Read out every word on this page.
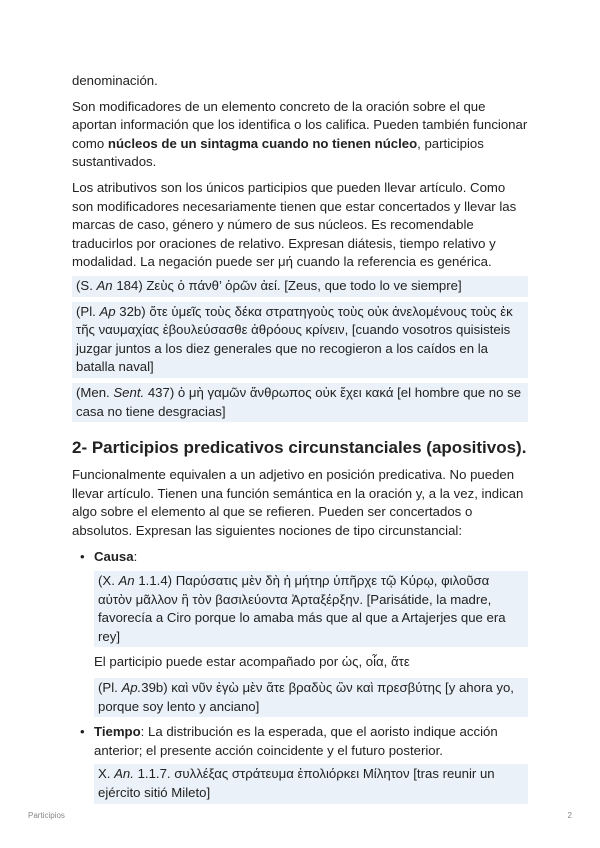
denominación.

Son modificadores de un elemento concreto de la oración sobre el que aportan información que los identifica o los califica. Pueden también funcionar como núcleos de un sintagma cuando no tienen núcleo, participios sustantivados.

Los atributivos son los únicos participios que pueden llevar artículo. Como son modificadores necesariamente tienen que estar concertados y llevar las marcas de caso, género y número de sus núcleos. Es recomendable traducirlos por oraciones de relativo. Expresan diátesis, tiempo relativo y modalidad. La negación puede ser μή cuando la referencia es genérica.

(S. An 184) Ζεὺς ὁ πάνθ’ ὁρῶν ἀεί. [Zeus, que todo lo ve siempre]
(Pl. Ap 32b) ὅτε ὑμεῖς τοὺς δέκα στρατηγοὺς τοὺς οὐκ ἀνελομένους τοὺς ἐκ τῆς ναυμαχίας ἐβουλεύσασθε ἀθρόους κρίνειν, [cuando vosotros quisisteis juzgar juntos a los diez generales que no recogieron a los caídos en la batalla naval]
(Men. Sent. 437) ὁ μὴ γαμῶν ἄνθρωπος οὐκ ἔχει κακά [el hombre que no se casa no tiene desgracias]
2- Participios predicativos circunstanciales (apositivos).

Funcionalmente equivalen a un adjetivo en posición predicativa. No pueden llevar artículo. Tienen una función semántica en la oración y, a la vez, indican algo sobre el elemento al que se refieren. Pueden ser concertados o absolutos. Expresan las siguientes nociones de tipo circunstancial:

• Causa:

(X. An 1.1.4) Παρύσατις μὲν δὴ ἡ μήτηρ ὑπῆρχε τῷ Κύρῳ, φιλοῦσα αὐτὸν μᾶλλον ἢ τὸν βασιλεύοντα Ἀρταξέρξην. [Parisátide, la madre, favorecía a Ciro porque lo amaba más que al que a Artajerjes que era rey]

El participio puede estar acompañado por ὡς, οἷα, ἅτε

(Pl. Ap.39b) καὶ νῦν ἐγὼ μὲν ἅτε βραδὺς ὢν καὶ πρεσβύτης [y ahora yo, porque soy lento y anciano]
• Tiempo: La distribución es la esperada, que el aoristo indique acción anterior; el presente acción coincidente y el futuro posterior.

X. An. 1.1.7. συλλέξας στράτευμα ἐπολιόρκει Μίλητον [tras reunir un ejército sitió Mileto]
Participios	2
